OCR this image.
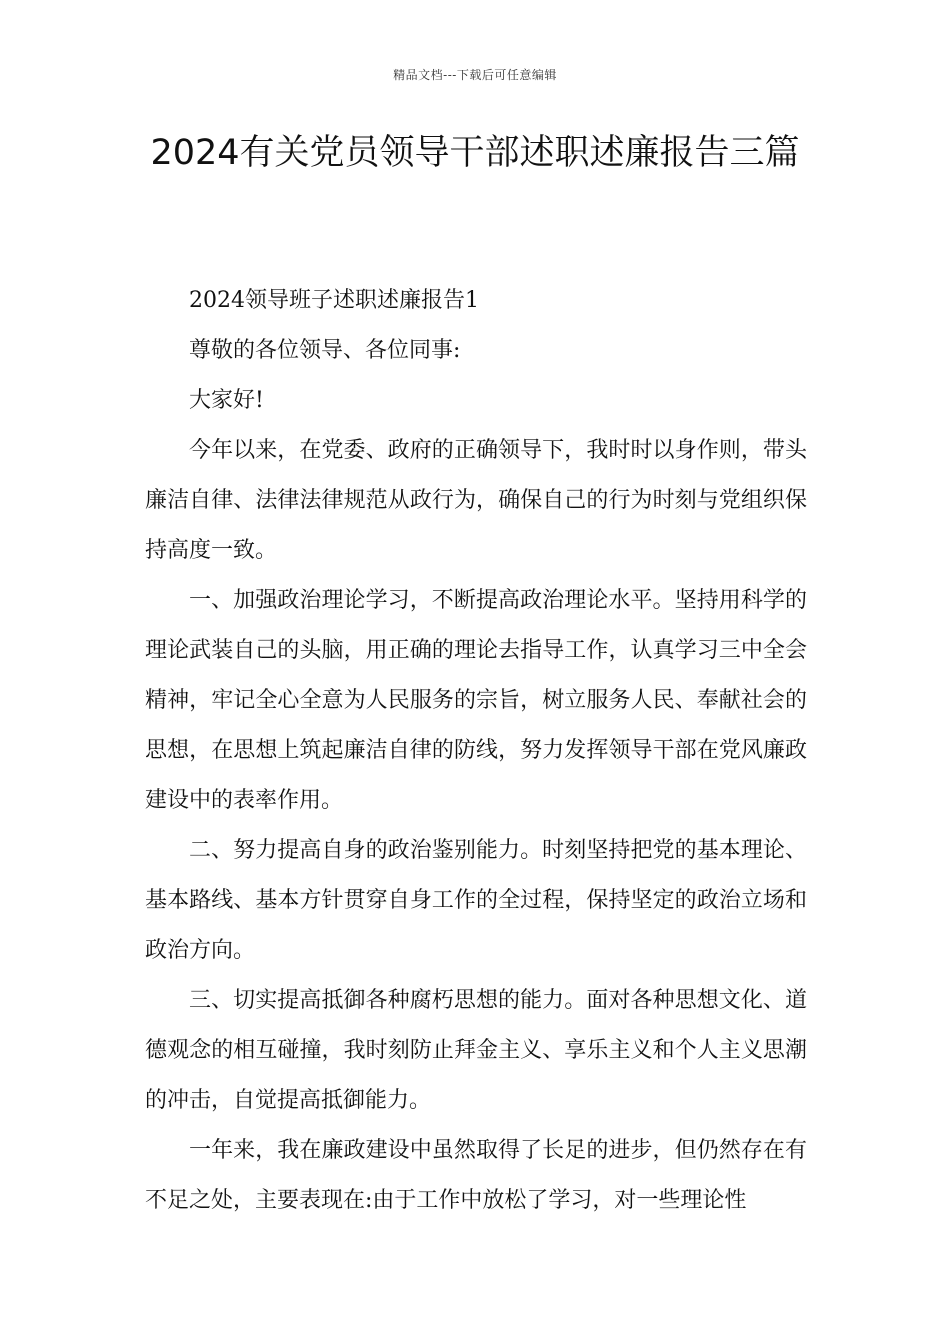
精品文档---下载后可任意编辑
2024有关党员领导干部述职述廉报告三篇

2024领导班子述职述廉报告1

尊敬的各位领导、各位同事:

大家好!

今年以来，在党委、政府的正确领导下，我时时以身作则，带头廉洁自律、法律法律规范从政行为，确保自己的行为时刻与党组织保持高度一致。

一、加强政治理论学习，不断提高政治理论水平。坚持用科学的理论武装自己的头脑，用正确的理论去指导工作，认真学习三中全会精神，牢记全心全意为人民服务的宗旨，树立服务人民、奉献社会的思想，在思想上筑起廉洁自律的防线，努力发挥领导干部在党风廉政建设中的表率作用。

二、努力提高自身的政治鉴别能力。时刻坚持把党的基本理论、基本路线、基本方针贯穿自身工作的全过程，保持坚定的政治立场和政治方向。

三、切实提高抵御各种腐朽思想的能力。面对各种思想文化、道德观念的相互碰撞，我时刻防止拜金主义、享乐主义和个人主义思潮的冲击，自觉提高抵御能力。

一年来，我在廉政建设中虽然取得了长足的进步，但仍然存在有不足之处，主要表现在:由于工作中放松了学习，对一些理论性
